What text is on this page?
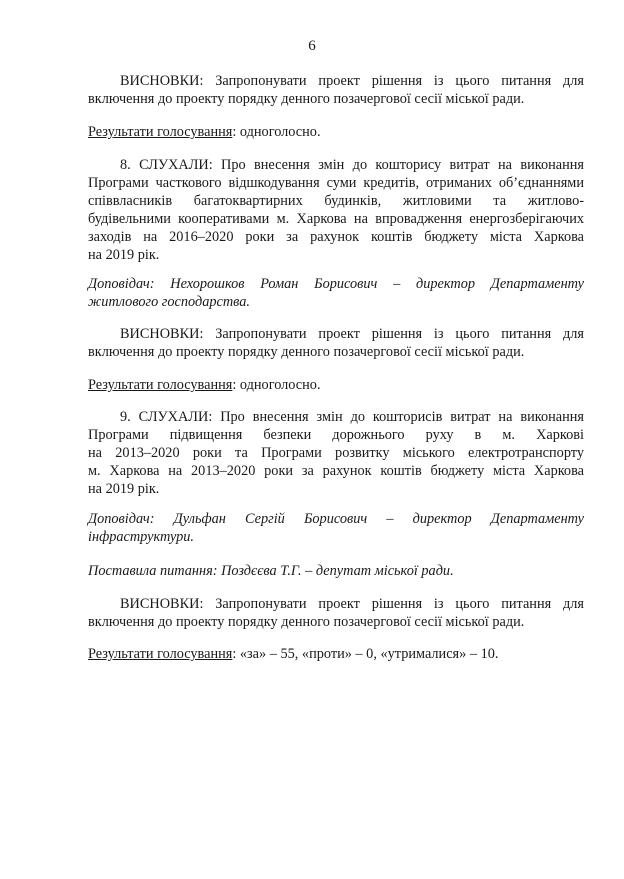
6
ВИСНОВКИ: Запропонувати проект рішення із цього питання для
включення до проекту порядку денного позачергової сесії міської ради.
Результати голосування: одноголосно.
8. СЛУХАЛИ: Про внесення змін до кошторису витрат на виконання
Програми часткового відшкодування суми кредитів, отриманих об’єднаннями
співвласників багатоквартирних будинків, житловими та житлово-
будівельними кооперативами м. Харкова на впровадження енергозберігаючих
заходів на 2016–2020 роки за рахунок коштів бюджету міста Харкова
на 2019 рік.
Доповідач: Нехорошков Роман Борисович – директор Департаменту
житлового господарства.
ВИСНОВКИ: Запропонувати проект рішення із цього питання для
включення до проекту порядку денного позачергової сесії міської ради.
Результати голосування: одноголосно.
9. СЛУХАЛИ: Про внесення змін до кошторисів витрат на виконання
Програми підвищення безпеки дорожнього руху в м. Харкові
на 2013–2020 роки та Програми розвитку міського електротранспорту
м. Харкова на 2013–2020 роки за рахунок коштів бюджету міста Харкова
на 2019 рік.
Доповідач: Дульфан Сергій Борисович – директор Департаменту
інфраструктури.
Поставила питання: Поздєєва Т.Г. – депутат міської ради.
ВИСНОВКИ: Запропонувати проект рішення із цього питання для
включення до проекту порядку денного позачергової сесії міської ради.
Результати голосування: «за» – 55, «проти» – 0, «утрималися» – 10.
